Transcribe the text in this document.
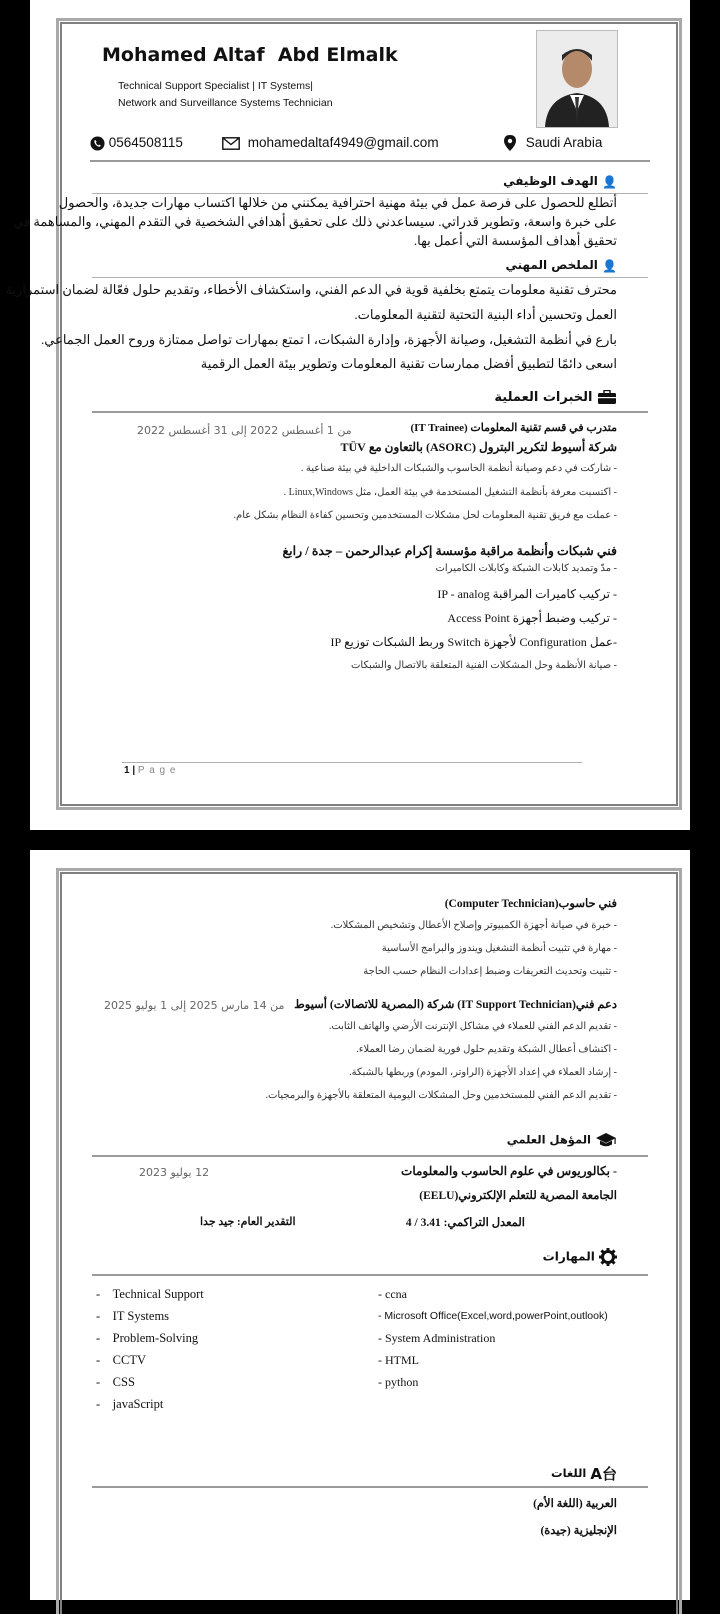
Mohamed Altaf  Abd Elmalk
Technical Support Specialist | IT Systems|
Network and Surveillance Systems Technician
0564508115	mohamedaltaf4949@gmail.com	Saudi Arabia
👤 الهدف الوظيفي
أتطلع للحصول على فرصة عمل في بيئة مهنية احترافية يمكنني من خلالها اكتساب مهارات جديدة، والحصول
على خبرة واسعة، وتطوير قدراتي. سيساعدني ذلك على تحقيق أهدافي الشخصية في التقدم المهني، والمساهمة في
تحقيق أهداف المؤسسة التي أعمل بها.
👤 الملخص المهني
محترف تقنية معلومات يتمتع بخلفية قوية في الدعم الفني، واستكشاف الأخطاء، وتقديم حلول فعّالة لضمان استمرارية
العمل وتحسين أداء البنية التحتية لتقنية المعلومات.
بارع في أنظمة التشغيل، وصيانة الأجهزة، وإدارة الشبكات، ا تمتع بمهارات تواصل ممتازة وروح العمل الجماعي.
اسعى دائمًا لتطبيق أفضل ممارسات تقنية المعلومات وتطوير بيئة العمل الرقمية
الخبرات العملية
متدرب في قسم تقنية المعلومات (IT Trainee)
من 1 أغسطس 2022 إلى 31 أغسطس 2022
شركة أسيوط لتكرير البترول (ASORC) بالتعاون مع TÜV
- شاركت في دعم وصيانة أنظمة الحاسوب والشبكات الداخلية في بيئة صناعية .
- اكتسبت معرفة بأنظمة التشغيل المستخدمة في بيئة العمل، مثل Linux,Windows .
- عملت مع فريق تقنية المعلومات لحل مشكلات المستخدمين وتحسين كفاءة النظام بشكل عام.
فني شبكات وأنظمة مراقبة مؤسسة إكرام عبدالرحمن – جدة / رابغ
- مدّ وتمديد كابلات الشبكة وكابلات الكاميرات
- تركيب كاميرات المراقبة IP - analog
- تركيب وضبط أجهزة Access Point
-عمل Configuration لأجهزة Switch وربط الشبكات توزيع IP
- صيانة الأنظمة وحل المشكلات الفنية المتعلقة بالاتصال والشبكات
1 | P a g e
فني حاسوب(Computer Technician)
- خبرة في صيانة أجهزة الكمبيوتر وإصلاح الأعطال وتشخيص المشكلات.
- مهارة في تثبيت أنظمة التشغيل ويندوز والبرامج الأساسية
- تثبيت وتحديث التعريفات وضبط إعدادات النظام حسب الحاجة
دعم فني(IT Support Technician) شركة (المصرية للاتصالات) أسيوط
من 14 مارس 2025 إلى 1 يوليو 2025
- تقديم الدعم الفني للعملاء في مشاكل الإنترنت الأرضي والهاتف الثابت.
- اكتشاف أعطال الشبكة وتقديم حلول فورية لضمان رضا العملاء.
- إرشاد العملاء في إعداد الأجهزة (الراوتر، المودم) وربطها بالشبكة.
- تقديم الدعم الفني للمستخدمين وحل المشكلات اليومية المتعلقة بالأجهزة والبرمجيات.
المؤهل العلمي
- بكالوريوس في علوم الحاسوب والمعلومات
12 يوليو 2023
الجامعة المصرية للتعلم الإلكتروني(EELU)
المعدل التراكمي: 3.41 / 4
التقدير العام: جيد جدا
المهارات
-    Technical Support
-    IT Systems
-    Problem-Solving
-    CCTV
-    CSS
-    javaScript
- ccna
- Microsoft Office(Excel,word,powerPoint,outlook)
- System Administration
- HTML
- python
A台 اللغات
العربية (اللغة الأم)
الإنجليزية (جيدة)
